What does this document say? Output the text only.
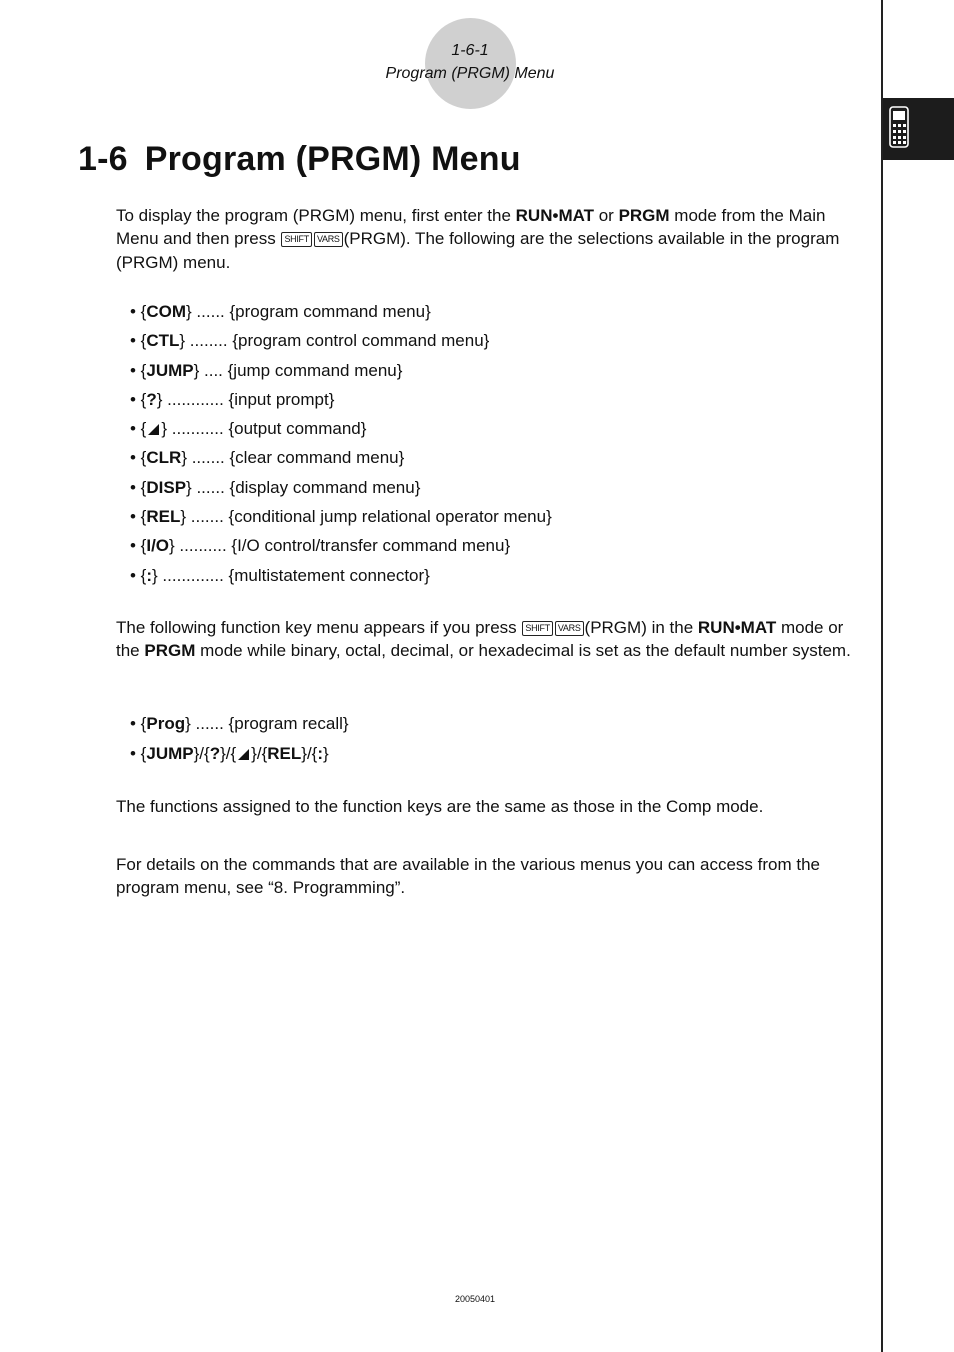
1-6-1
Program (PRGM) Menu
1-6 Program (PRGM) Menu
To display the program (PRGM) menu, first enter the RUN•MAT or PRGM mode from the Main Menu and then press SHIFT VARS (PRGM). The following are the selections available in the program (PRGM) menu.
• {COM} ...... {program command menu}
• {CTL} ........ {program control command menu}
• {JUMP} .... {jump command menu}
• {?} ............ {input prompt}
• { } ........... {output command}
• {CLR} ....... {clear command menu}
• {DISP} ...... {display command menu}
• {REL} ....... {conditional jump relational operator menu}
• {I/O} .......... {I/O control/transfer command menu}
• {:} ............. {multistatement connector}
The following function key menu appears if you press SHIFT VARS (PRGM) in the RUN•MAT mode or the PRGM mode while binary, octal, decimal, or hexadecimal is set as the default number system.
• {Prog} ...... {program recall}
• {JUMP}/{?}/{ }/{REL}/{:}
The functions assigned to the function keys are the same as those in the Comp mode.
For details on the commands that are available in the various menus you can access from the program menu, see “8. Programming”.
20050401
